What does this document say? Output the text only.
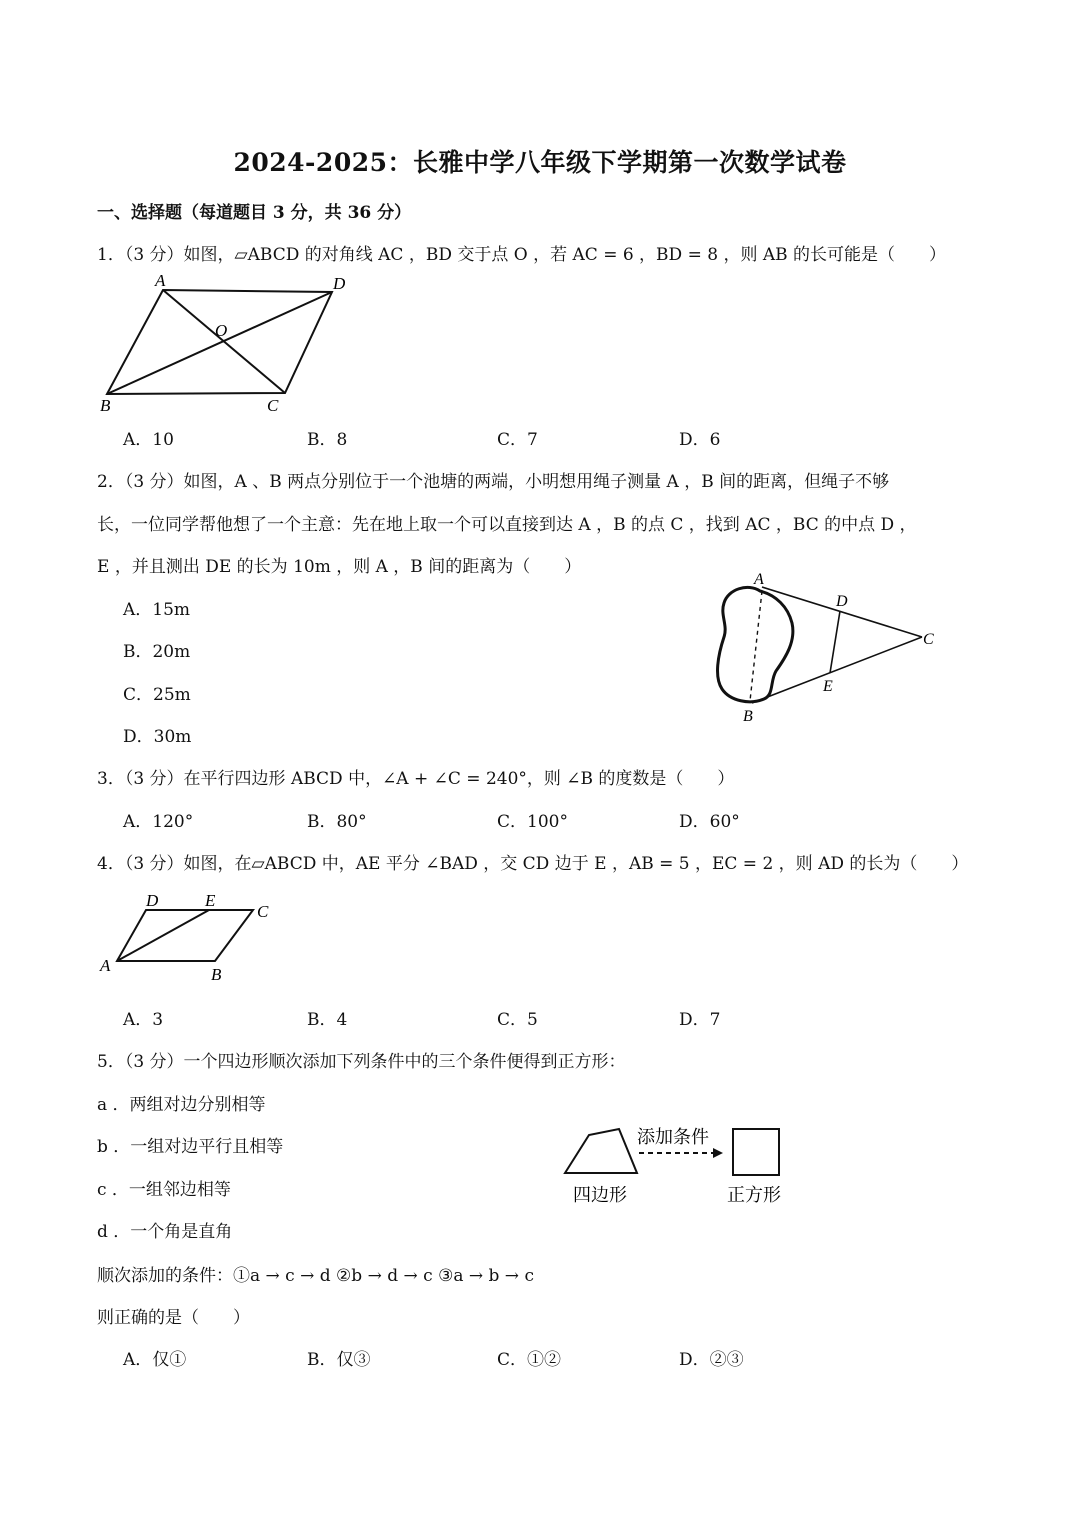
2024-2025：长雅中学八年级下学期第一次数学试卷
一、选择题（每道题目 3 分，共 36 分）
1．（3 分）如图，▱ABCD 的对角线 AC ，BD 交于点 O ，若 AC = 6 ，BD = 8 ，则 AB 的长可能是（　　）
A	D
O
B	C
A．10	B．8	C．7	D．6
2．（3 分）如图，A 、B 两点分别位于一个池塘的两端，小明想用绳子测量 A ，B 间的距离，但绳子不够
长，一位同学帮他想了一个主意：先在地上取一个可以直接到达 A ，B 的点 C ，找到 AC ，BC 的中点 D ，
E ，并且测出 DE 的长为 10m ，则 A ，B 间的距离为（　　）
A．15m
B．20m
C．25m
D．30m
A
D
C
E
B
3．（3 分）在平行四边形 ABCD 中，∠A + ∠C = 240°，则 ∠B 的度数是（　　）
A．120°	B．80°	C．100°	D．60°
4．（3 分）如图，在▱ABCD 中，AE 平分 ∠BAD ，交 CD 边于 E ，AB = 5 ，EC = 2 ，则 AD 的长为（　　）
D	E
C
A	B
A．3	B．4	C．5	D．7
5．（3 分）一个四边形顺次添加下列条件中的三个条件便得到正方形：
a ．两组对边分别相等
b ．一组对边平行且相等
c ．一组邻边相等
d ．一个角是直角
顺次添加的条件：①a → c → d ②b → d → c ③a → b → c
则正确的是（　　）
添加条件
四边形	正方形
A．仅①	B．仅③	C．①②	D．②③
